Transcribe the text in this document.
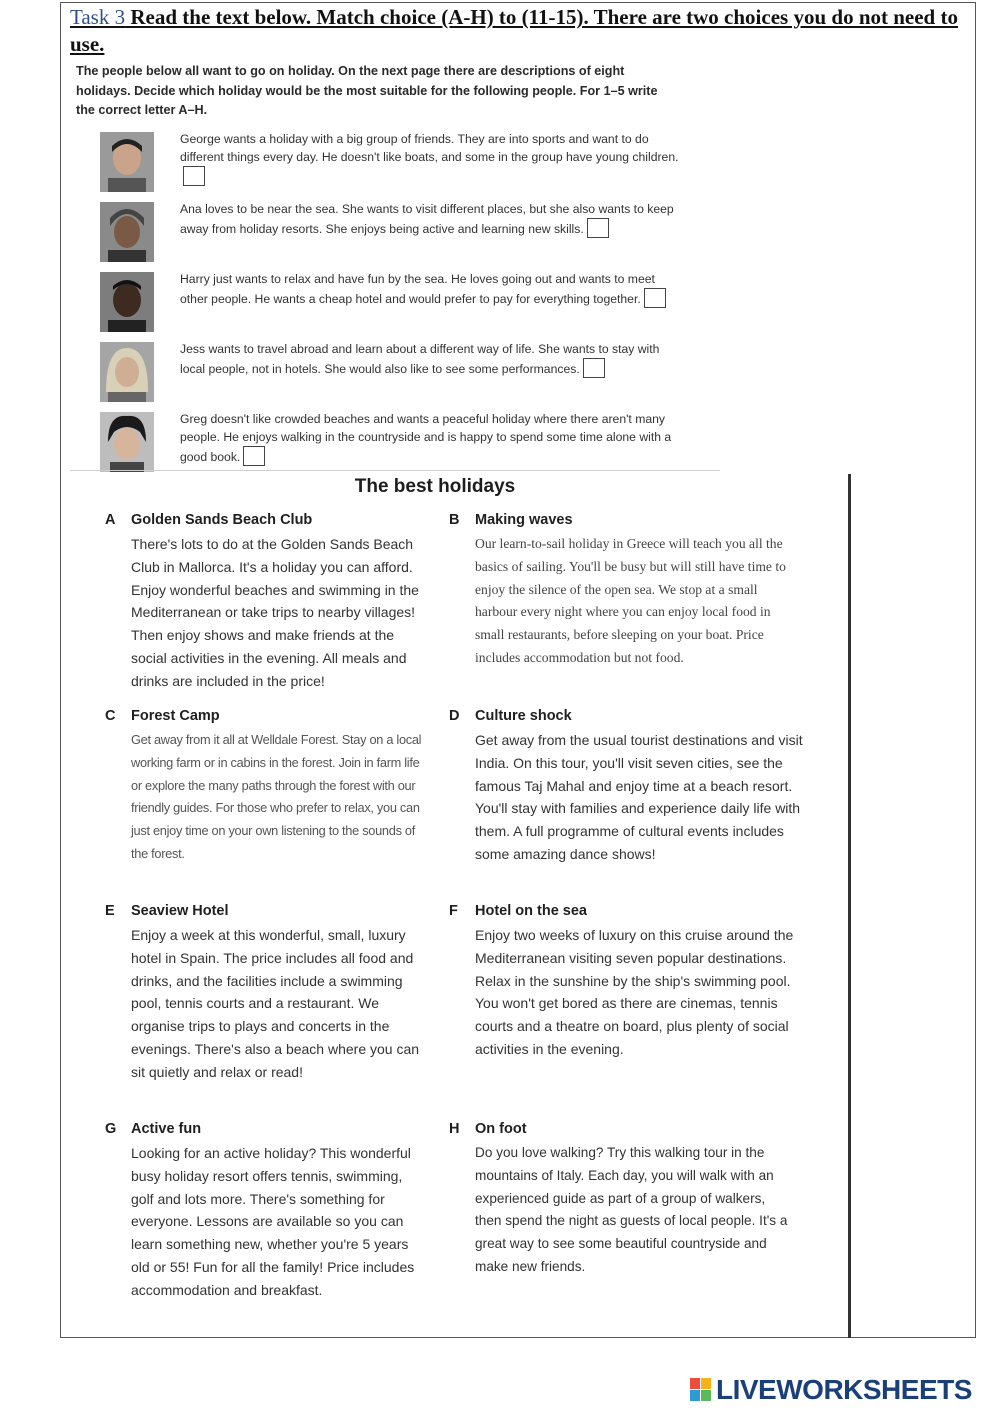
Task 3 Read the text below. Match choice (A-H) to (11-15). There are two choices you do not need to use.
The people below all want to go on holiday. On the next page there are descriptions of eight holidays. Decide which holiday would be the most suitable for the following people. For 1–5 write the correct letter A–H.
George wants a holiday with a big group of friends. They are into sports and want to do different things every day. He doesn't like boats, and some in the group have young children.
Ana loves to be near the sea. She wants to visit different places, but she also wants to keep away from holiday resorts. She enjoys being active and learning new skills.
Harry just wants to relax and have fun by the sea. He loves going out and wants to meet other people. He wants a cheap hotel and would prefer to pay for everything together.
Jess wants to travel abroad and learn about a different way of life. She wants to stay with local people, not in hotels. She would also like to see some performances.
Greg doesn't like crowded beaches and wants a peaceful holiday where there aren't many people. He enjoys walking in the countryside and is happy to spend some time alone with a good book.
The best holidays
A Golden Sands Beach Club
There's lots to do at the Golden Sands Beach Club in Mallorca. It's a holiday you can afford. Enjoy wonderful beaches and swimming in the Mediterranean or take trips to nearby villages! Then enjoy shows and make friends at the social activities in the evening. All meals and drinks are included in the price!
B Making waves
Our learn-to-sail holiday in Greece will teach you all the basics of sailing. You'll be busy but will still have time to enjoy the silence of the open sea. We stop at a small harbour every night where you can enjoy local food in small restaurants, before sleeping on your boat. Price includes accommodation but not food.
C Forest Camp
Get away from it all at Welldale Forest. Stay on a local working farm or in cabins in the forest. Join in farm life or explore the many paths through the forest with our friendly guides. For those who prefer to relax, you can just enjoy time on your own listening to the sounds of the forest.
D Culture shock
Get away from the usual tourist destinations and visit India. On this tour, you'll visit seven cities, see the famous Taj Mahal and enjoy time at a beach resort. You'll stay with families and experience daily life with them. A full programme of cultural events includes some amazing dance shows!
E Seaview Hotel
Enjoy a week at this wonderful, small, luxury hotel in Spain. The price includes all food and drinks, and the facilities include a swimming pool, tennis courts and a restaurant. We organise trips to plays and concerts in the evenings. There's also a beach where you can sit quietly and relax or read!
F Hotel on the sea
Enjoy two weeks of luxury on this cruise around the Mediterranean visiting seven popular destinations. Relax in the sunshine by the ship's swimming pool. You won't get bored as there are cinemas, tennis courts and a theatre on board, plus plenty of social activities in the evening.
G Active fun
Looking for an active holiday? This wonderful busy holiday resort offers tennis, swimming, golf and lots more. There's something for everyone. Lessons are available so you can learn something new, whether you're 5 years old or 55! Fun for all the family! Price includes accommodation and breakfast.
H On foot
Do you love walking? Try this walking tour in the mountains of Italy. Each day, you will walk with an experienced guide as part of a group of walkers, then spend the night as guests of local people. It's a great way to see some beautiful countryside and make new friends.
LIVEWORKSHEETS
